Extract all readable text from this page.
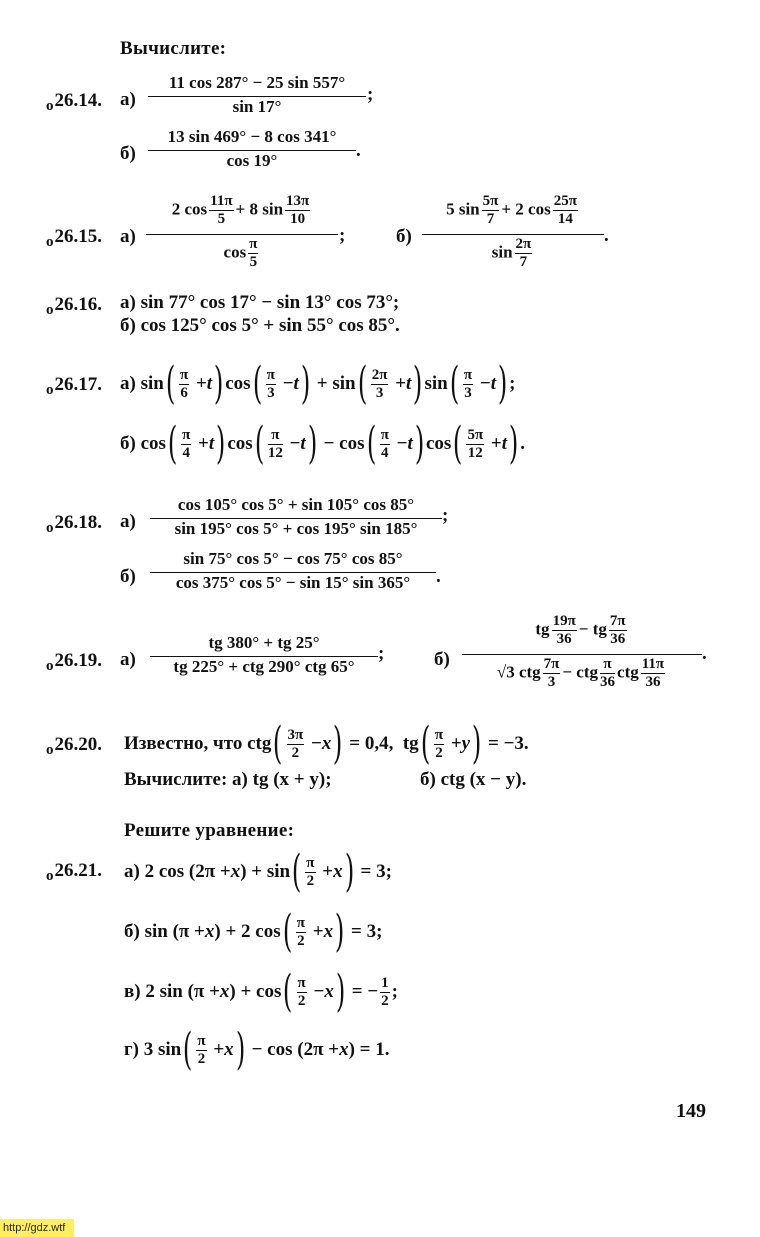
Вычислите:
$_о$26.14. а)
11 cos 287° − 25 sin 557°
sin 17°
;
б)
13 sin 469° − 8 cos 341°
cos 19°	.
$_о$26.15. а)
2 $\cos \frac{11\pi}{5} + 8$ $\sin \frac{13\pi}{10}$
$\cos \frac{\pi}{5}$
;	б)
5 $\sin \frac{5\pi}{7} + 2$ $\cos \frac{25\pi}{14}$
$\sin \frac{2\pi}{7}$
.
$_о$26.16. а) sin 77° cos 17° − sin 13° cos 73°;
б) cos 125° cos 5° + sin 55° cos 85°.
$_о$26.17. а) sin ( π
6 + t ) cos ( π
3 − t ) + sin ( 2π
3 + t ) sin ( π
3 − t ) ;
б) cos ( π
4 + t ) cos ( π
12 − t ) − cos ( π
4 − t ) cos ( 5π
12 + t ) .
$_о$26.18. а)
cos 105° cos 5° + sin 105° cos 85°
sin 195° cos 5° + cos 195° sin 185°
;
б)
sin 75° cos 5° − cos 75° cos 85°
cos 375° cos 5° − sin 15° sin 365°	.
$_о$26.19. а)
tg 380° + tg 25°
tg 225° + ctg 290° ctg 65°
;	б)
tg $\frac{19\pi}{36}$ − tg $\frac{7\pi}{36}$
√3 ctg $\frac{7\pi}{3}$ − ctg $\frac{\pi}{36}$ ctg $\frac{11\pi}{36}$
.
$_о$26.20. Известно, что ctg ( 3π
2 − x ) = 0,4,  tg ( π
2 + y ) = −3.
Вычислите: а) tg (x + y);	б) ctg (x − y).
Решите уравнение:
$_о$26.21. а) 2 cos (2π + x ) + sin ( π
2 + x ) = 3;
б) sin (π + x ) + 2 cos ( π
2 + x ) = 3;
в) 2 sin (π + x ) + cos ( π
2 − x ) = − 1
2 ;
г) 3 sin ( π
2 + x ) − cos (2π + x ) = 1.
149
http://gdz.wtf
